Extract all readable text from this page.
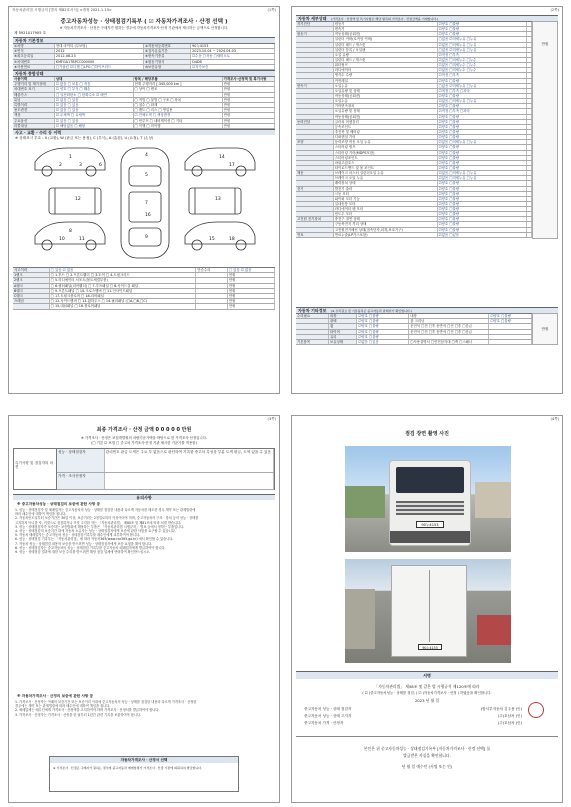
자동차관리법 시행규칙 [별지 제82호서식] <개정 2021.1.13>	(1쪽)
중고자동차성능 · 상태점검기록부 ( ☑ 자동차가격조사 · 산정 선택 )
※ 자동차가격조사 · 산정은 구매자가 원하는 경우에 자동차가격조사·산정 기관에서 제시하는 금액으로 산정합니다.
제 5921017905 호
자동차 기본정보
①차명	현대 마이티 (무보당)	②자동차등록번호	90누4153
③연식	2012	④검사유효기간	2023.10.04 ~ 2024.04.03
⑤최초등록일	2012-08-23	⑥변속기종류	☑수동 □자동 □세미오토
⑦차대번호	KMFGA17BPCC000000	⑧원동기형식	D4DB
⑨사용연료	□가솔린 ☑디젤 □LPG □하이브리드	⑩보증유형	☑자가보증
자동차 종합상태
사용이력	상태	항목 / 해당부품	가격조사·산정액 및 특기사항
주행거리 및 계기상태	☑ 많음 □ 보통 □ 적음	현재 주행거리 [ 345,000 km ]	만원
차대번호 표기	☑ 양호 □ 부식 □ 훼손	□ 상이 □ 변조	만원
배출가스	□ 일산화탄소 □ 탄화수소 ☑ 매연	만원
튜닝	☑ 없음 □ 있음	□ 적법 □ 불법 □ 구조 □ 장치	만원
특별이력	☑ 없음 □ 있음	□ 침수 □ 화재	만원
용도변경	☑ 없음 □ 있음	□ 렌트 □ 리스 □ 영업용	만원
색상	☑ 무채색 □ 유채색	☑ 전체도색 □ 색상변경	만원
주요옵션	☑ 없음 □ 있음	□ 썬루프 □ 네비게이션 □ 기타	만원
리콜대상	☑ 해당없음 □ 해당	□ 이행 □ 미이행	만원
사고 · 교환 · 수리 등 이력
※ 상태표시 부호 : X (교환), W (판금 또는 용접), C (부식), A (흠집), U (요철), T (손상)
1
2	3
4
5
6
7
8
9
10	11
12	13
14
15
16
17
18
사고이력	□ 있음 ☑ 없음	단순수리	□ 있음 ☑ 없음
1랭크	□ 1.후드 □ 2.프론트휀더 □ 3.도어 □ 4.트렁크리드	만원
2랭크	□ 5.라디에이터 서포트(볼트체결부품)	만원
A랭크	□ 6.쿼터패널(리어휀더) □ 7.루프패널 □ 8.사이드실 패널	만원
B랭크	□ 9.프론트패널 □ 10.크로스멤버 □ 11.인사이드패널	만원
C랭크	□ 17.트렁크플로어 □ 18.리어패널	만원
프레임	□ 12.사이드멤버 □ 13.휠하우스 □ 14.필러패널 (□A,□B,□C)	만원
□ 15.대쉬패널 □ 16.플로어패널	만원
(2쪽)
자동차 세부상태 (가격조사 · 산정액 및 특기사항은 해당 항목의 가격조사 · 산정금액을 기재합니다.)
자기진단	원동기	☑양호 □불량
변속기	☑양호 □불량
원동기	작동상태(공회전)	☑양호 □불량
실린더 커버(로커암 커버)	□없음 ☑미세누유 □누유
실린더 헤드 / 개스킷	☑없음 □미세누유 □누유
실린더 블록 / 오일팬	□없음 ☑미세누유 □누유
오일 유량	☑적정 □부족
실린더 헤드 / 개스킷	☑없음 □미세누수 □누수
워터펌프	☑없음 □미세누수 □누수
라디에이터	☑없음 □미세누수 □누수
냉각수 수량	☑적정 □부족
커먼레일	☑양호 □불량
변속기	오일누유	□없음 ☑미세누유 □누유
오일유량 및 상태	☑적정 □부족 □과다
작동상태(공회전)	☑양호 □불량
오일누유	☑없음 □미세누유 □누유
기어변속장치	☑양호 □불량
오일유량 및 상태	☑적정 □부족 □과다
작동상태(공회전)	☑양호 □불량
동력전달	클러치 어셈블리	☑양호 □불량
등속조인트	☑양호 □불량
추진축 및 베어링	☑양호 □불량
디퍼렌셜 기어	☑양호 □불량
조향	동력조향 작동 오일 누유	☑없음 □미세누유 □누유
스티어링 펌프	☑양호 □불량
스티어링 기어(MDPS포함)	☑양호 □불량
스티어링조인트	☑양호 □불량
파워고압호스	☑양호 □불량
타이로드엔드 및 볼 조인트	☑양호 □불량
제동	브레이크 마스터 실린더오일 누유	☑없음 □미세누유 □누유
브레이크 오일 누유	☑없음 □미세누유 □누유
배력장치 상태	☑양호 □불량
전기	발전기 출력	☑양호 □불량
시동 모터	☑양호 □불량
와이퍼 모터 기능	☑양호 □불량
실내송풍 모터	☑양호 □불량
라디에이터 팬 모터	☑양호 □불량
윈도우 모터	☑양호 □불량
고전원 전기장치	충전구 절연 상태	☑양호 □불량
구동축전지 격리 상태	☑양호 □불량
고전원전기배선 상태(접속단자,피복,보호기구)	☑양호 □불량
연료	연료누출(LP가스포함)	☑없음 □있음
만원
자동차 기타정보 (※ 수리필요 및 기본품목은 중고자동차 판매자가 확인합니다.)
수리필요	외장	☑양호 □불량	내장	☑양호 □불량
광택	☑양호 □불량	룸 크리닝	☑양호 □불량
휠	☑양호 □불량	운전석 □전 □후 동반석 □전 □후 □응급
타이어	☑양호 □불량	운전석 □전 □후 동반석 □전 □후 □응급
유리	☑양호 □불량
기본품목	보유상태	☑없음 □있음	□사용설명서 □안전삼각대 □잭 □스패너
만원
(3쪽)
최종 가격조사 · 산정 금액 0 0 0 0 0 만원
※ 가격조사 · 산정은 보험개발원의 차량기준가액을 바탕으로 한 가격조사·산정입니다.
(□ 기본 ☑ 보험 □ 중고차 가격조사·산정 기관 제시한 기준가를 적용함)
특기사항 및 점검자의 의견
성능 · 상태점검자	관리번호 판금 도색은 주요 부 없음으로 판단하여 기록함 중고차 특성상 부분 도색 판금, 도색 있을 수 있음
가격 · 조사산정자
유의사항
※ 중고자동차성능 · 상태점검의 보증에 관한 사항 등

1. 성능 · 상태점검자 및 매매업자는 중고자동차의 성능 · 상태를 점검한 내용과 다르게 자동차를 매도한 경우 계약 또는 관계법령에

따라 매수인에 대하여 책임을 집니다.

2. 자동차인도일부터 보증기간은 30일 이상, 보증거리는 2천킬로미터 이상이어야 하며, 중고자동차의 구조 · 장치 등의 성능 · 상태를

고지하지 아니한 자, 거짓으로 점검하거나 거짓 고지한 자는 「자동차관리법」 제80조 및 제81조에 따라 처벌 받습니다.

3. 성능 · 상태점검자가 보증하는 보증범위에 해당하는 부품은 「자동차관리법 시행규칙」 별표 등에서 정하는 부품입니다.

4. 성능 · 상태점검의 보증기간 내에 자동차 소유자는 성능 · 상태점검자에게 보증에 관한 사항을 요구할 수 있습니다.

5. 자동차 매매업자는 중고자동차 성능 · 상태점검기록부를 매수인에게 교부하여야 합니다.

6. 성능 · 상태점검 기록부는 「자동차관리법」에 따라 자동차365(www.car365.go.kr) 에서 확인할 수 있습니다.

7. 자동차 성능 · 상태점검 내용의 보증을 받으려면 성능 · 상태점검자에게 보증 요청을 해야 합니다.

8. 성능 · 상태점검자는 중고자동차의 성능 · 상태점검 기록부를 중고자동차 매매업자에게 발급하여야 합니다.

9. 성능 · 상태점검 결과에 대한 보증 수리를 받으려면 해당 점검 업체에 연락하여 확인받으십시오.

※ 자동차가격조사 · 산정의 보증에 관한 사항 등

1. 가격조사 · 산정자는 아래의 보증기간 또는 보증거리 이내에 중고자동차의 성능 · 상태를 점검한 내용과 다르게 가격조사 · 산정한

경우에는 계약 또는 관계법령에 따라 매수인에 대하여 책임을 집니다.

2. 매매업체는 매수인에게 가격조사 · 산정액을 고지하여야 하며 가격조사 · 산정서를 발급하여야 합니다.

3. 가격조사 · 산정자는 가격조사 · 산정을 한 날부터 1년간 관련 기록을 보관하여야 합니다.

자동차가격조사 · 산정서 선택
※ 가격조사 · 산정은 구매자가 원하는 경우에 중고자동차 매매업체가 가격조사 · 산정 기관에 의뢰하여 발급합니다.
(4쪽)
점검 장면 촬영 사진
90누4153
90누4153
서명
「자동차관리법」 제58조 및 같은 법 시행규칙 제120조에 따라
( ☑ )중고자동차성능 · 상태를 점검, ( ☑ )자동차가격조사 · 산정 ) 하였음을 확인합니다.
2023 년 월 일
중고자동차 성능 · 상태 점검자	(합서부자동차 김주용 (인)
중고자동차 성능 · 상태 고지자	(주)호남차 (인)
중고자동차 가격 · 산정자	(주)호남차 (인)
본인은 위 중고자동차성능 · 상태점검기록부 [자동차가격조사 · 산정 선택] 를
발급받은 사실을 확인합니다.
년 월 일 매수인 (서명 또는 인)
